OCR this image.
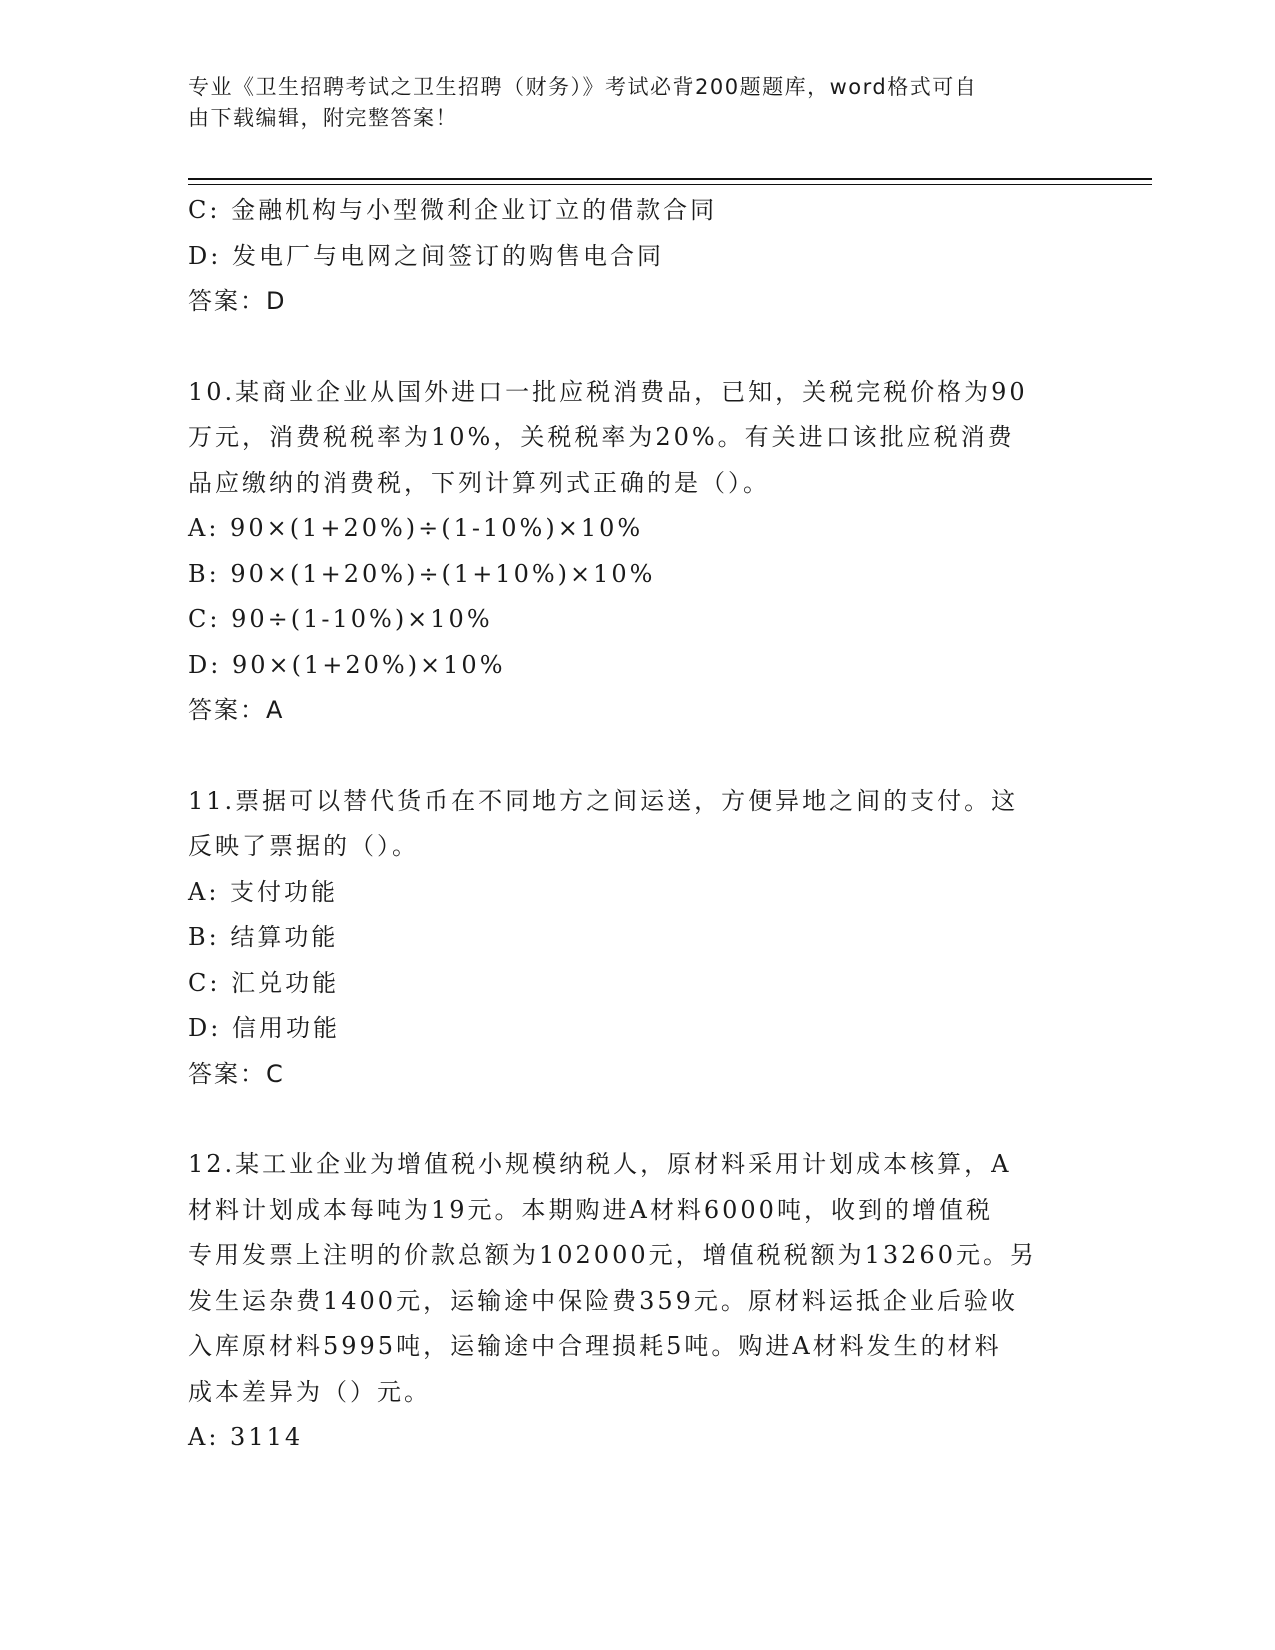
专业《卫生招聘考试之卫生招聘（财务）》考试必背200题题库，word格式可自
由下载编辑，附完整答案！
C: 金融机构与小型微利企业订立的借款合同
D: 发电厂与电网之间签订的购售电合同
答案：D
10.某商业企业从国外进口一批应税消费品，已知，关税完税价格为90
万元，消费税税率为10%，关税税率为20%。有关进口该批应税消费
品应缴纳的消费税，下列计算列式正确的是（）。
A: 90×(1+20%)÷(1-10%)×10%
B: 90×(1+20%)÷(1+10%)×10%
C: 90÷(1-10%)×10%
D: 90×(1+20%)×10%
答案：A
11.票据可以替代货币在不同地方之间运送，方便异地之间的支付。这
反映了票据的（）。
A: 支付功能
B: 结算功能
C: 汇兑功能
D: 信用功能
答案：C
12.某工业企业为增值税小规模纳税人，原材料采用计划成本核算，A
材料计划成本每吨为19元。本期购进A材料6000吨，收到的增值税
专用发票上注明的价款总额为102000元，增值税税额为13260元。另
发生运杂费1400元，运输途中保险费359元。原材料运抵企业后验收
入库原材料5995吨，运输途中合理损耗5吨。购进A材料发生的材料
成本差异为（）元。
A: 3114
